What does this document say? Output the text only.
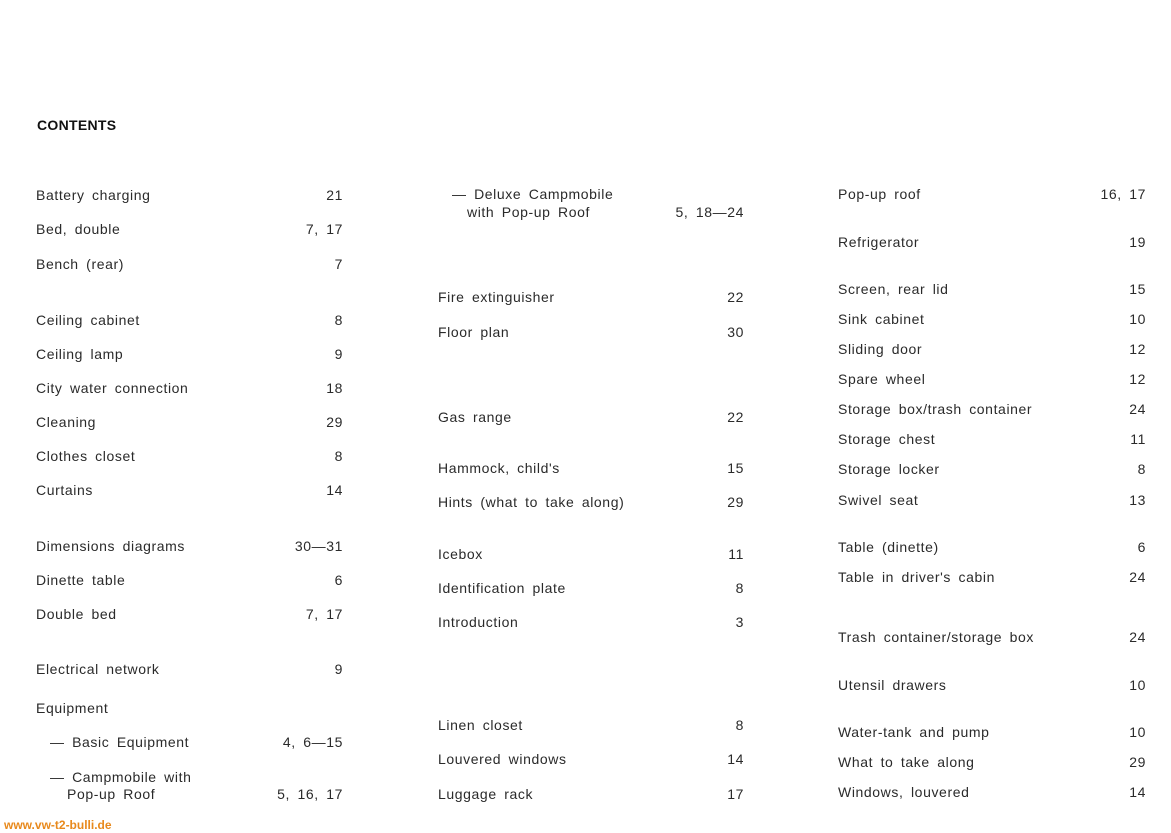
CONTENTS
Battery charging	21
Bed, double	7, 17
Bench (rear)	7
Ceiling cabinet	8
Ceiling lamp	9
City water connection	18
Cleaning	29
Clothes closet	8
Curtains	14
Dimensions diagrams	30—31
Dinette table	6
Double bed	7, 17
Electrical network	9
Equipment
— Basic Equipment	4, 6—15
— Campmobile with
Pop-up Roof	5, 16, 17
— Deluxe Campmobile
with Pop-up Roof	5, 18—24
Fire extinguisher	22
Floor plan	30
Gas range	22
Hammock, child's	15
Hints (what to take along)	29
Icebox	11
Identification plate	8
Introduction	3
Linen closet	8
Louvered windows	14
Luggage rack	17
Pop-up roof	16, 17
Refrigerator	19
Screen, rear lid	15
Sink cabinet	10
Sliding door	12
Spare wheel	12
Storage box/trash container	24
Storage chest	11
Storage locker	8
Swivel seat	13
Table (dinette)	6
Table in driver's cabin	24
Trash container/storage box	24
Utensil drawers	10
Water-tank and pump	10
What to take along	29
Windows, louvered	14
www.vw-t2-bulli.de
